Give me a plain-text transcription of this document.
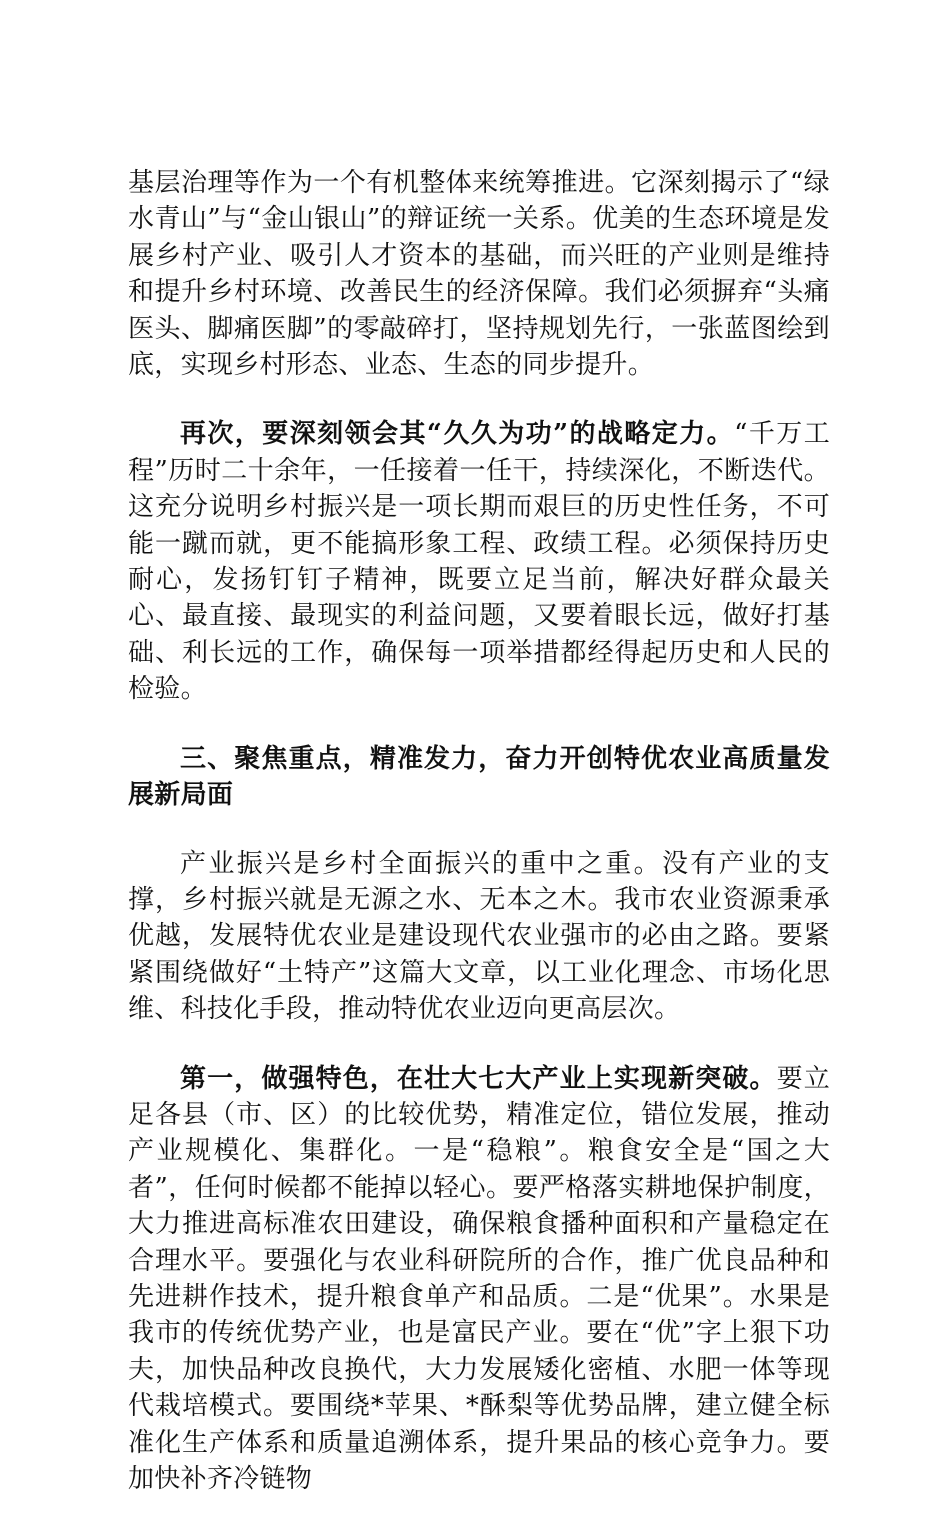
基层治理等作为一个有机整体来统筹推进。它深刻揭示了“绿水青山”与“金山银山”的辩证统一关系。优美的生态环境是发展乡村产业、吸引人才资本的基础，而兴旺的产业则是维持和提升乡村环境、改善民生的经济保障。我们必须摒弃“头痛医头、脚痛医脚”的零敲碎打，坚持规划先行，一张蓝图绘到底，实现乡村形态、业态、生态的同步提升。

再次，要深刻领会其“久久为功”的战略定力。“千万工程”历时二十余年，一任接着一任干，持续深化，不断迭代。这充分说明乡村振兴是一项长期而艰巨的历史性任务，不可能一蹴而就，更不能搞形象工程、政绩工程。必须保持历史耐心，发扬钉钉子精神，既要立足当前，解决好群众最关心、最直接、最现实的利益问题，又要着眼长远，做好打基础、利长远的工作，确保每一项举措都经得起历史和人民的检验。

三、聚焦重点，精准发力，奋力开创特优农业高质量发展新局面

产业振兴是乡村全面振兴的重中之重。没有产业的支撑，乡村振兴就是无源之水、无本之木。我市农业资源秉承优越，发展特优农业是建设现代农业强市的必由之路。要紧紧围绕做好“土特产”这篇大文章，以工业化理念、市场化思维、科技化手段，推动特优农业迈向更高层次。

第一，做强特色，在壮大七大产业上实现新突破。要立足各县（市、区）的比较优势，精准定位，错位发展，推动产业规模化、集群化。一是“稳粮”。粮食安全是“国之大者”，任何时候都不能掉以轻心。要严格落实耕地保护制度，大力推进高标准农田建设，确保粮食播种面积和产量稳定在合理水平。要强化与农业科研院所的合作，推广优良品种和先进耕作技术，提升粮食单产和品质。二是“优果”。水果是我市的传统优势产业，也是富民产业。要在“优”字上狠下功夫，加快品种改良换代，大力发展矮化密植、水肥一体等现代栽培模式。要围绕*苹果、*酥梨等优势品牌，建立健全标准化生产体系和质量追溯体系，提升果品的核心竞争力。要加快补齐冷链物
